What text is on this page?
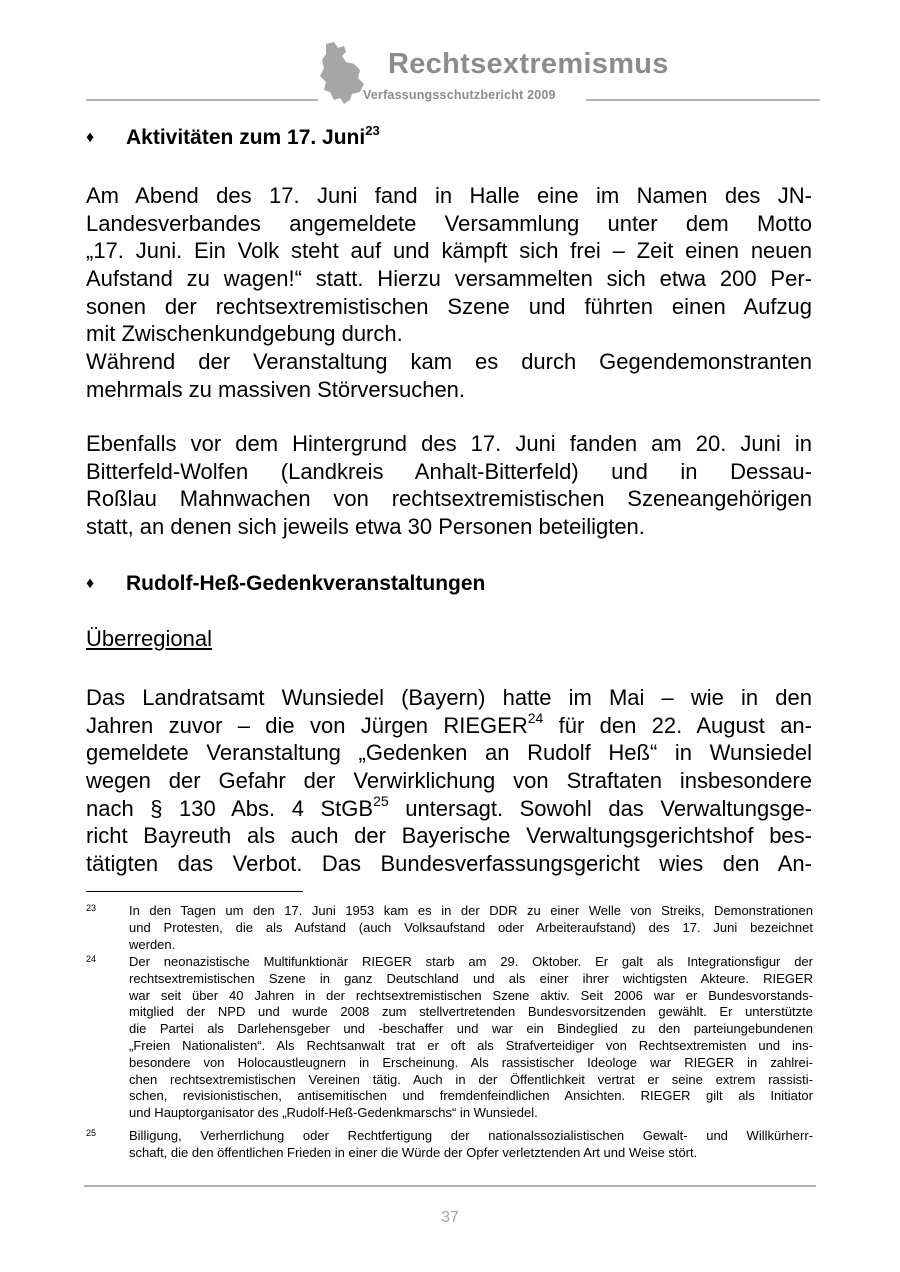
Rechtsextremismus
Verfassungsschutzbericht 2009
♦ Aktivitäten zum 17. Juni$^{23}$
Am Abend des 17. Juni fand in Halle eine im Namen des JN-
Landesverbandes angemeldete Versammlung unter dem Motto
„17. Juni. Ein Volk steht auf und kämpft sich frei – Zeit einen neuen
Aufstand zu wagen!“ statt. Hierzu versammelten sich etwa 200 Per-
sonen der rechtsextremistischen Szene und führten einen Aufzug
mit Zwischenkundgebung durch.
Während der Veranstaltung kam es durch Gegendemonstranten
mehrmals zu massiven Störversuchen.
Ebenfalls vor dem Hintergrund des 17. Juni fanden am 20. Juni in
Bitterfeld-Wolfen (Landkreis Anhalt-Bitterfeld) und in Dessau-
Roßlau Mahnwachen von rechtsextremistischen Szeneangehörigen
statt, an denen sich jeweils etwa 30 Personen beteiligten.
♦ Rudolf-Heß-Gedenkveranstaltungen
Überregional
Das Landratsamt Wunsiedel (Bayern) hatte im Mai – wie in den
Jahren zuvor – die von Jürgen RIEGER$^{24}$ für den 22. August an-
gemeldete Veranstaltung „Gedenken an Rudolf Heß“ in Wunsiedel
wegen der Gefahr der Verwirklichung von Straftaten insbesondere
nach § 130 Abs. 4 StGB$^{25}$ untersagt. Sowohl das Verwaltungsge-
richt Bayreuth als auch der Bayerische Verwaltungsgerichtshof bes-
tätigten das Verbot. Das Bundesverfassungsgericht wies den An-
23	In den Tagen um den 17. Juni 1953 kam es in der DDR zu einer Welle von Streiks, Demonstrationen
und Protesten, die als Aufstand (auch Volksaufstand oder Arbeiteraufstand) des 17. Juni bezeichnet
werden.
24	Der neonazistische Multifunktionär RIEGER starb am 29. Oktober. Er galt als Integrationsfigur der
rechtsextremistischen Szene in ganz Deutschland und als einer ihrer wichtigsten Akteure. RIEGER
war seit über 40 Jahren in der rechtsextremistischen Szene aktiv. Seit 2006 war er Bundesvorstands-
mitglied der NPD und wurde 2008 zum stellvertretenden Bundesvorsitzenden gewählt. Er unterstützte
die Partei als Darlehensgeber und -beschaffer und war ein Bindeglied zu den parteiungebundenen
„Freien Nationalisten“. Als Rechtsanwalt trat er oft als Strafverteidiger von Rechtsextremisten und ins-
besondere von Holocaustleugnern in Erscheinung. Als rassistischer Ideologe war RIEGER in zahlrei-
chen rechtsextremistischen Vereinen tätig. Auch in der Öffentlichkeit vertrat er seine extrem rassisti-
schen, revisionistischen, antisemitischen und fremdenfeindlichen Ansichten. RIEGER gilt als Initiator
und Hauptorganisator des „Rudolf-Heß-Gedenkmarschs“ in Wunsiedel.
25	Billigung, Verherrlichung oder Rechtfertigung der nationalssozialistischen Gewalt- und Willkürherr-
schaft, die den öffentlichen Frieden in einer die Würde der Opfer verletztenden Art und Weise stört.
37
